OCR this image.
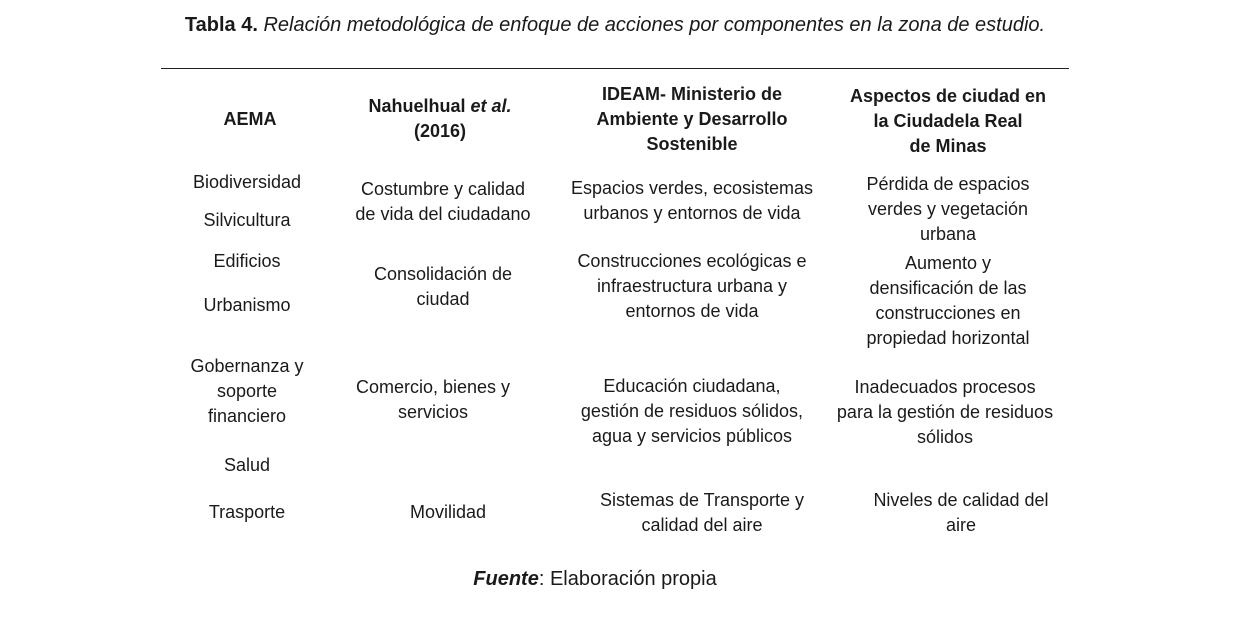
Tabla 4. Relación metodológica de enfoque de acciones por componentes en la zona de estudio.
AEMA
Nahuelhual et al.
(2016)
IDEAM- Ministerio de
Ambiente y Desarrollo
Sostenible
Aspectos de ciudad en
la Ciudadela Real
de Minas
Biodiversidad
Silvicultura
Edificios
Urbanismo
Gobernanza y
soporte
financiero
Salud
Trasporte
Costumbre y calidad
de vida del ciudadano
Consolidación de
ciudad
Comercio, bienes y
servicios
Movilidad
Espacios verdes, ecosistemas
urbanos y entornos de vida
Construcciones ecológicas e
infraestructura urbana y
entornos de vida
Educación ciudadana,
gestión de residuos sólidos,
agua y servicios públicos
Sistemas de Transporte y
calidad del aire
Pérdida de espacios
verdes y vegetación
urbana
Aumento y
densificación de las
construcciones en
propiedad horizontal
Inadecuados procesos
para la gestión de residuos
sólidos
Niveles de calidad del
aire
Fuente: Elaboración propia
